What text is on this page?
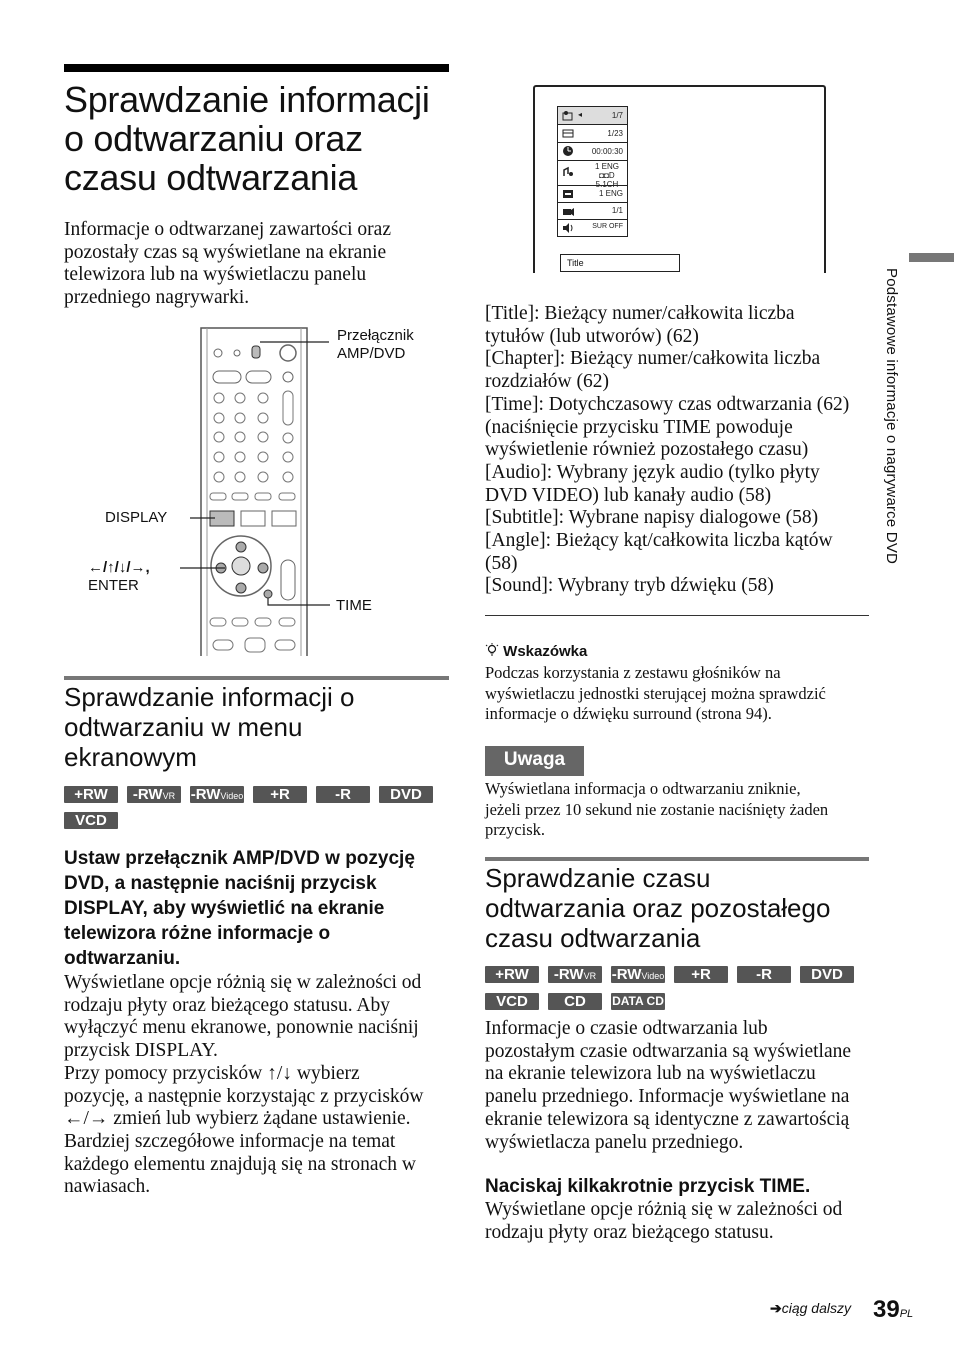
Sprawdzanie informacji
o odtwarzaniu oraz
czasu odtwarzania

Informacje o odtwarzanej zawartości oraz pozostały czas są wyświetlane na ekranie telewizora lub na wyświetlaczu panelu przedniego nagrywarki.

Przełącznik
AMP/DVD
DISPLAY
←/↑/↓/→,
ENTER
TIME
Sprawdzanie informacji o
odtwarzaniu w menu
ekranowym
+RW	-RWVR	-RWVideo	+R	-R	DVD
VCD
Ustaw przełącznik AMP/DVD w pozycję
DVD, a następnie naciśnij przycisk
DISPLAY, aby wyświetlić na ekranie
telewizora różne informacje o
odtwarzaniu.
Wyświetlane opcje różnią się w zależności od
rodzaju płyty oraz bieżącego statusu. Aby
wyłączyć menu ekranowe, ponownie naciśnij
przycisk DISPLAY.
Przy pomocy przycisków ↑/↓ wybierz
pozycję, a następnie korzystając z przycisków
←/→ zmień lub wybierz żądane ustawienie.
Bardziej szczegółowe informacje na temat
każdego elementu znajdują się na stronach w
nawiasach.
◂	1/7
1/23
00:00:30
1 ENG ◘◘D 5.1CH
1 ENG
1/1
SUR OFF
Title
[Title]: Bieżący numer/całkowita liczba
tytułów (lub utworów) (62)
[Chapter]: Bieżący numer/całkowita liczba
rozdziałów (62)
[Time]: Dotychczasowy czas odtwarzania (62)
(naciśnięcie przycisku TIME powoduje
wyświetlenie również pozostałego czasu)
[Audio]: Wybrany język audio (tylko płyty
DVD VIDEO) lub kanały audio (58)
[Subtitle]: Wybrane napisy dialogowe (58)
[Angle]: Bieżący kąt/całkowita liczba kątów
(58)
[Sound]: Wybrany tryb dźwięku (58)
Wskazówka
Podczas korzystania z zestawu głośników na
wyświetlaczu jednostki sterującej można sprawdzić
informacje o dźwięku surround (strona 94).
Uwaga
Wyświetlana informacja o odtwarzaniu zniknie,
jeżeli przez 10 sekund nie zostanie naciśnięty żaden
przycisk.
Sprawdzanie czasu
odtwarzania oraz pozostałego
czasu odtwarzania
+RW	-RWVR	-RWVideo	+R	-R	DVD
VCD	CD	DATA CD
Informacje o czasie odtwarzania lub
pozostałym czasie odtwarzania są wyświetlane
na ekranie telewizora lub na wyświetlaczu
panelu przedniego. Informacje wyświetlane na
ekranie telewizora są identyczne z zawartością
wyświetlacza panelu przedniego.
Naciskaj kilkakrotnie przycisk TIME.
Wyświetlane opcje różnią się w zależności od
rodzaju płyty oraz bieżącego statusu.
Podstawowe informacje o nagrywarce DVD
➔ciąg dalszy 39PL
